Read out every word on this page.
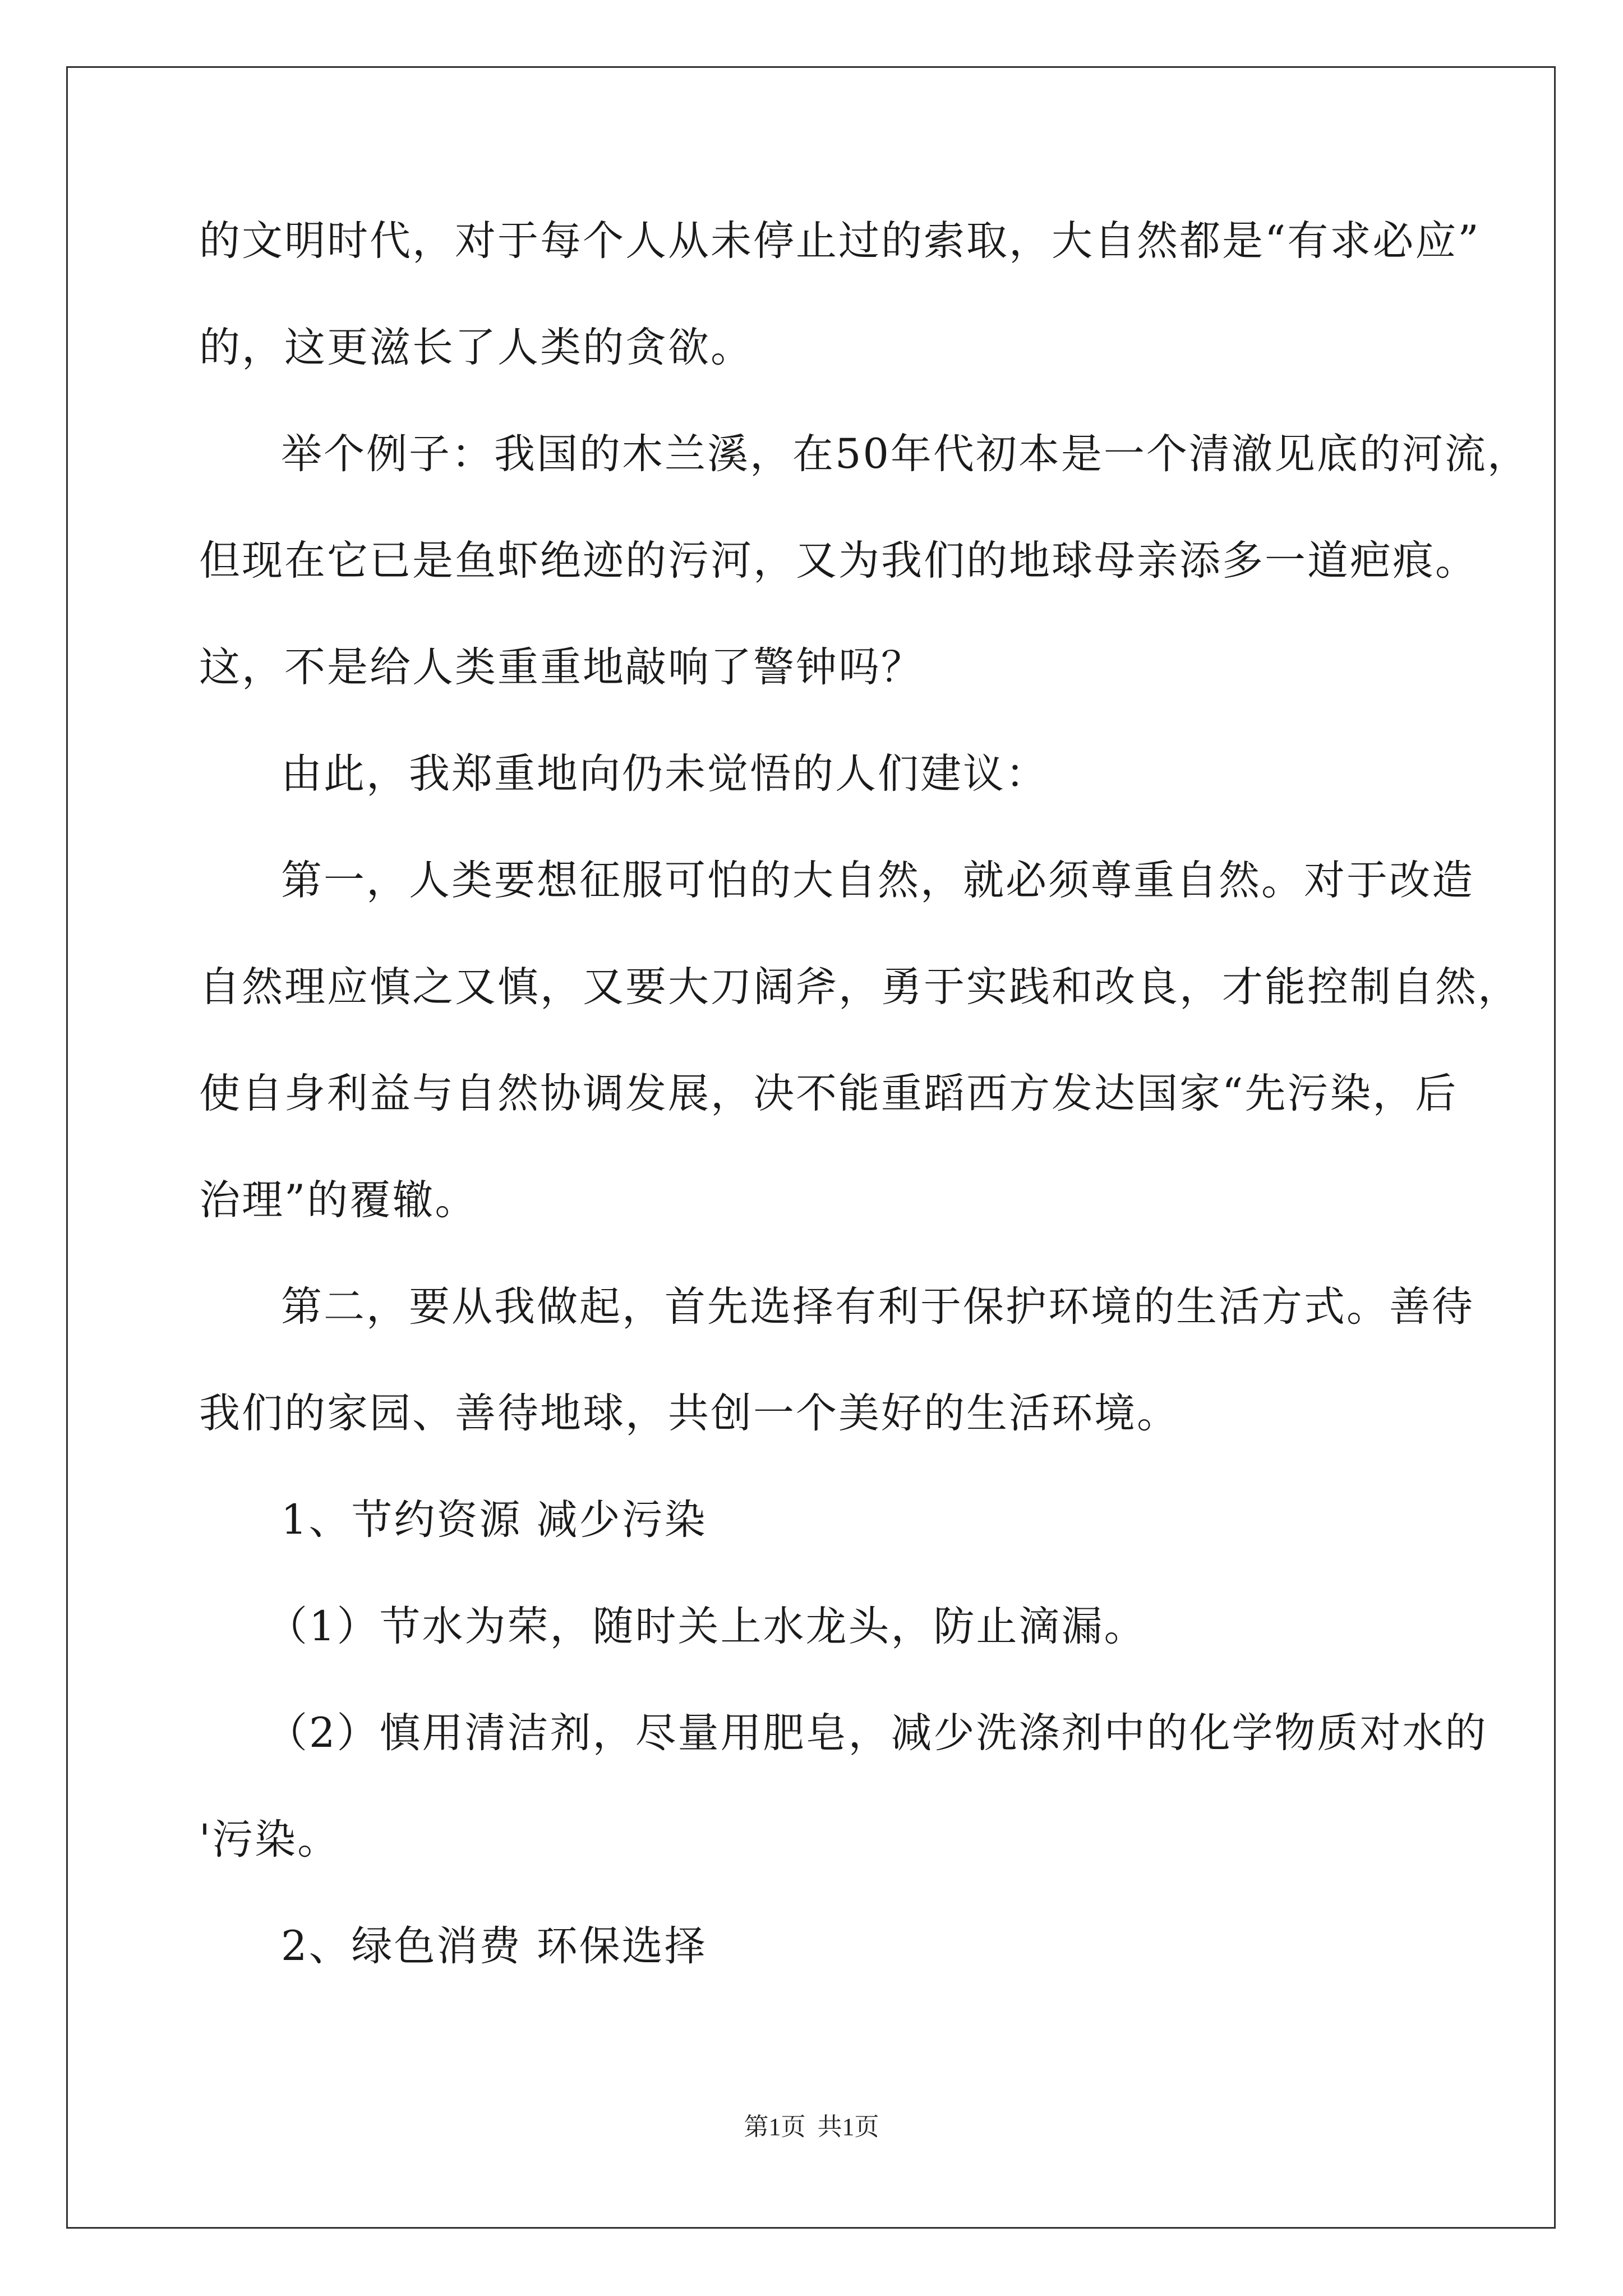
的文明时代，对于每个人从未停止过的索取，大自然都是“有求必应”
的，这更滋长了人类的贪欲。
举个例子：我国的木兰溪，在50年代初本是一个清澈见底的河流，
但现在它已是鱼虾绝迹的污河，又为我们的地球母亲添多一道疤痕。
这，不是给人类重重地敲响了警钟吗？
由此，我郑重地向仍未觉悟的人们建议：
第一，人类要想征服可怕的大自然，就必须尊重自然。对于改造
自然理应慎之又慎，又要大刀阔斧，勇于实践和改良，才能控制自然，
使自身利益与自然协调发展，决不能重蹈西方发达国家“先污染，后
治理”的覆辙。
第二，要从我做起，首先选择有利于保护环境的生活方式。善待
我们的家园、善待地球，共创一个美好的生活环境。
1、节约资源 减少污染
（1）节水为荣，随时关上水龙头，防止滴漏。
（2）慎用清洁剂，尽量用肥皂，减少洗涤剂中的化学物质对水的
'污染。
2、绿色消费 环保选择
第1页 共1页
